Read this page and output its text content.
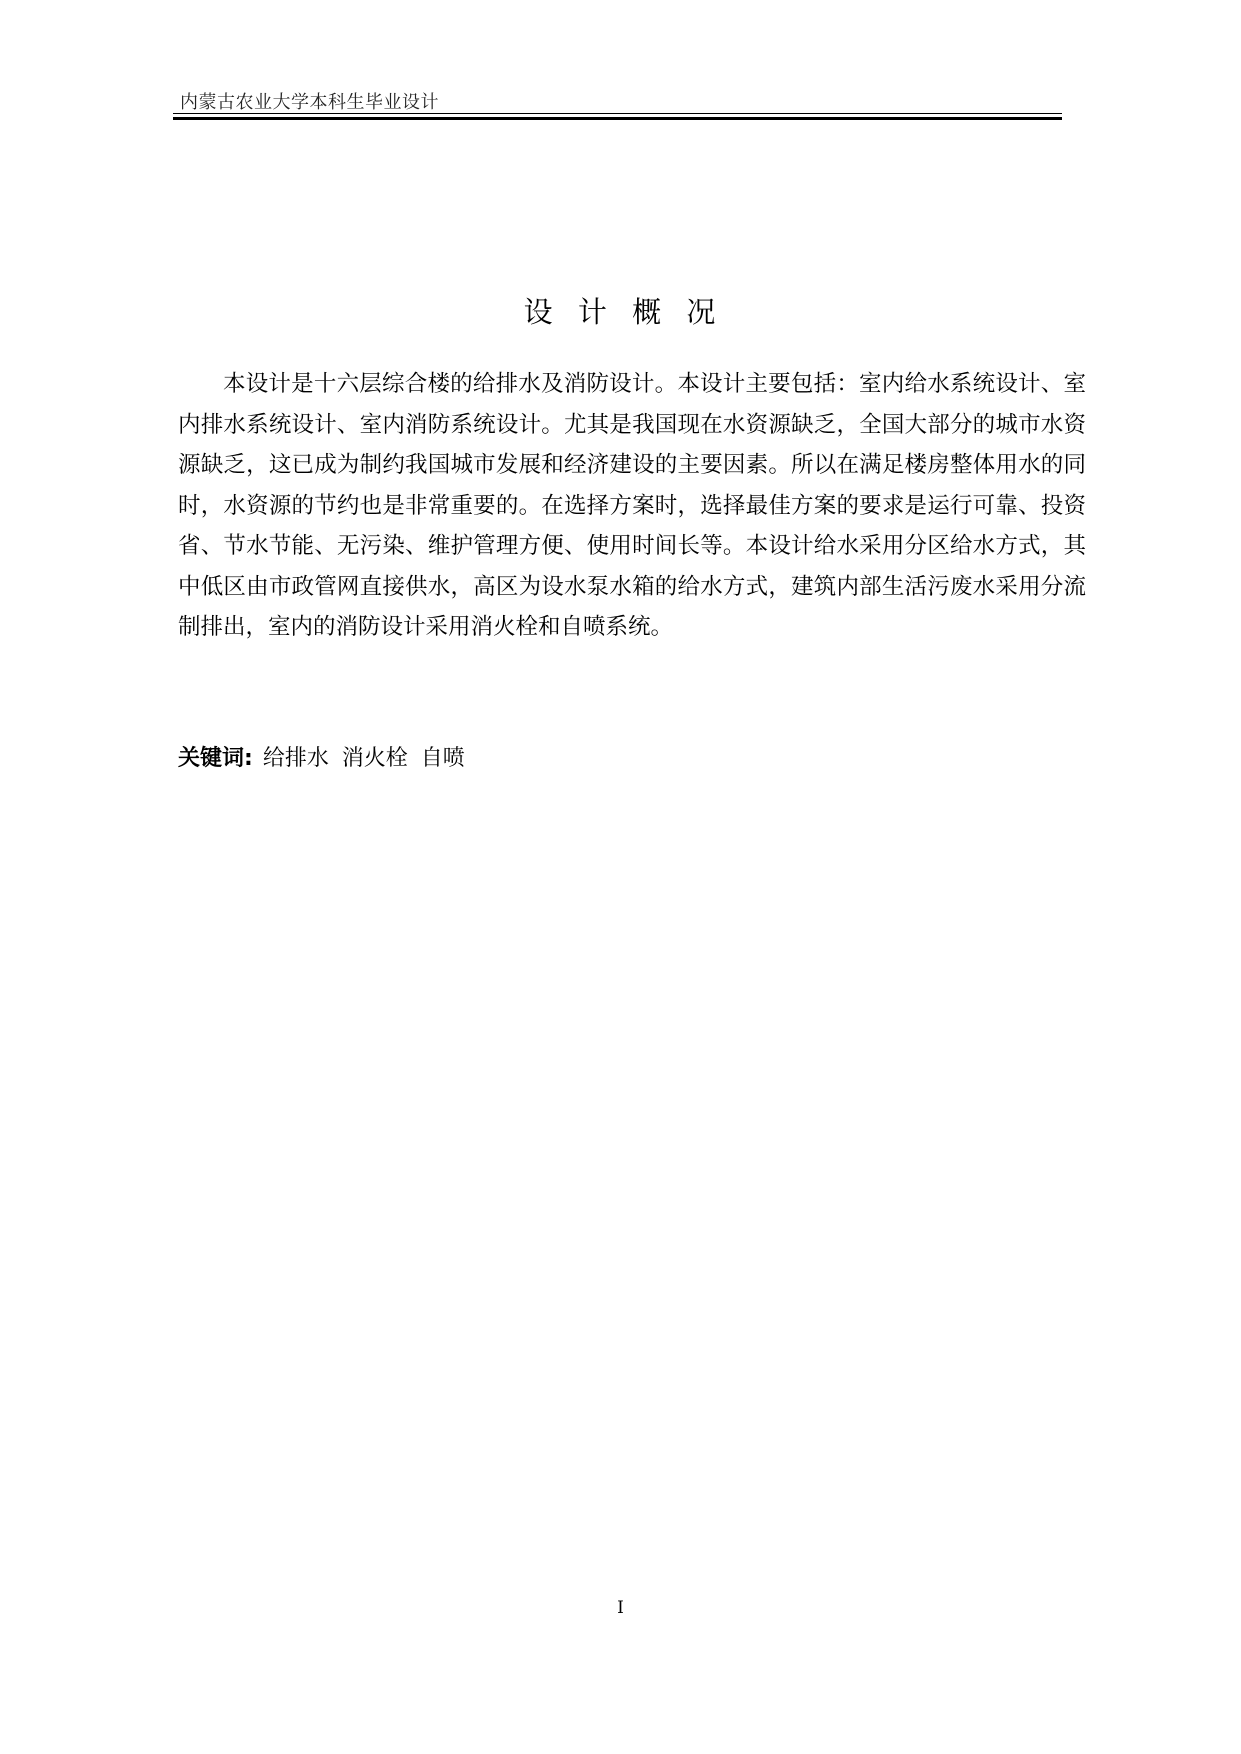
内蒙古农业大学本科生毕业设计
设 计 概 况

本设计是十六层综合楼的给排水及消防设计。本设计主要包括：室内给水系统设计、室内排水系统设计、室内消防系统设计。尤其是我国现在水资源缺乏，全国大部分的城市水资源缺乏，这已成为制约我国城市发展和经济建设的主要因素。所以在满足楼房整体用水的同时，水资源的节约也是非常重要的。在选择方案时，选择最佳方案的要求是运行可靠、投资省、节水节能、无污染、维护管理方便、使用时间长等。本设计给水采用分区给水方式，其中低区由市政管网直接供水，高区为设水泵水箱的给水方式，建筑内部生活污废水采用分流制排出，室内的消防设计采用消火栓和自喷系统。

关键词: 给排水 消火栓 自喷
I
